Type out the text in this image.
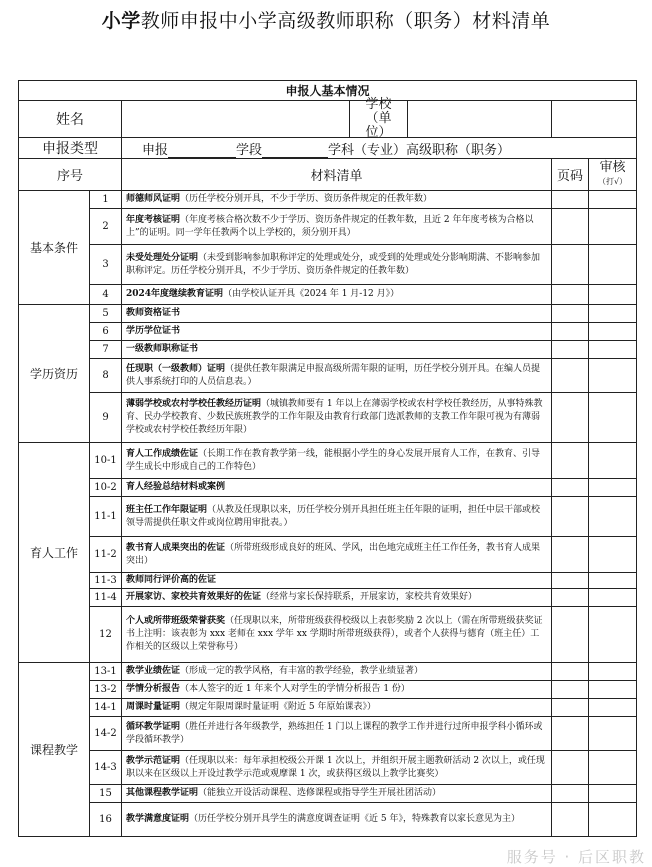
小学教师申报中小学高级教师职称（职务）材料清单
申报人基本情况				
姓名		学校（单位）		

申报类型		申报 学段 学科（专业）高级职称（职务）		
序号		材料清单	页码	审核
（打√）

基本条件	1	师德师风证明（历任学校分别开具，不少于学历、资历条件规定的任教年数）		
	2	年度考核证明（年度考核合格次数不少于学历、资历条件规定的任教年数，且近 2 年年度考核为合格以上”的证明。同一学年任教两个以上学校的，须分别开具）		
	3	未受处理处分证明（未受到影响参加职称评定的处理或处分，或受到的处理或处分影响期满、不影响参加职称评定。历任学校分别开具，不少于学历、资历条件规定的任教年数）		
	4	2024年度继续教育证明（由学校认证开具《2024 年 1 月-12 月》）		
学历资历	5	教师资格证书		
	6	学历学位证书		
	7	一级教师职称证书		
	8	任现职（一级教师）证明（提供任教年限满足申报高级所需年限的证明，历任学校分别开具。在编人员提供人事系统打印的人员信息表。）		
	9	薄弱学校或农村学校任教经历证明（城镇教师要有 1 年以上在薄弱学校或农村学校任教经历，从事特殊教育、民办学校教育、少数民族班教学的工作年限及由教育行政部门选派教师的支教工作年限可视为有薄弱学校或农村学校任教经历年限）		
育人工作	10-1	育人工作成绩佐证（长期工作在教育教学第一线，能根据小学生的身心发展开展育人工作，在教育、引导学生成长中形成自己的工作特色）		
	10-2	育人经验总结材料或案例		
	11-1	班主任工作年限证明（从教及任现职以来，历任学校分别开具担任班主任年限的证明，担任中层干部或校领导需提供任职文件或岗位聘用审批表。）		
	11-2	教书育人成果突出的佐证（所带班级形成良好的班风、学风，出色地完成班主任工作任务，教书育人成果突出）		
	11-3	教师同行评价高的佐证		
	11-4	开展家访、家校共育效果好的佐证（经常与家长保持联系，开展家访，家校共育效果好）		
	12	个人或所带班级荣誉获奖（任现职以来，所带班级获得校级以上表彰奖励 2 次以上（需在所带班级获奖证书上注明：该表彰为 xxx 老师在 xxx 学年 xx 学期时所带班级获得），或者个人获得与德育（班主任）工作相关的区级以上荣誉称号）		
课程教学	13-1	教学业绩佐证（形成一定的教学风格，有丰富的教学经验，教学业绩显著）		
	13-2	学情分析报告（本人签字的近 1 年来个人对学生的学情分析报告 1 份）		
	14-1	周课时量证明（规定年限周课时量证明《附近 5 年原始课表》）		
	14-2	循环教学证明（胜任并进行各年级教学，熟练担任 1 门以上课程的教学工作并进行过所申报学科小循环或学段循环教学）		
	14-3	教学示范证明（任现职以来：每年承担校级公开课 1 次以上，并组织开展主题教研活动 2 次以上，或任现职以来在区级以上开设过教学示范或观摩课 1 次，或获得区级以上教学比赛奖）		
	15	其他课程教学证明（能独立开设活动课程、选修课程或指导学生开展社团活动）		
	16	教学满意度证明（历任学校分别开具学生的满意度调查证明《近 5 年》，特殊教育以家长意见为主）		
服务号 · 后区职教
